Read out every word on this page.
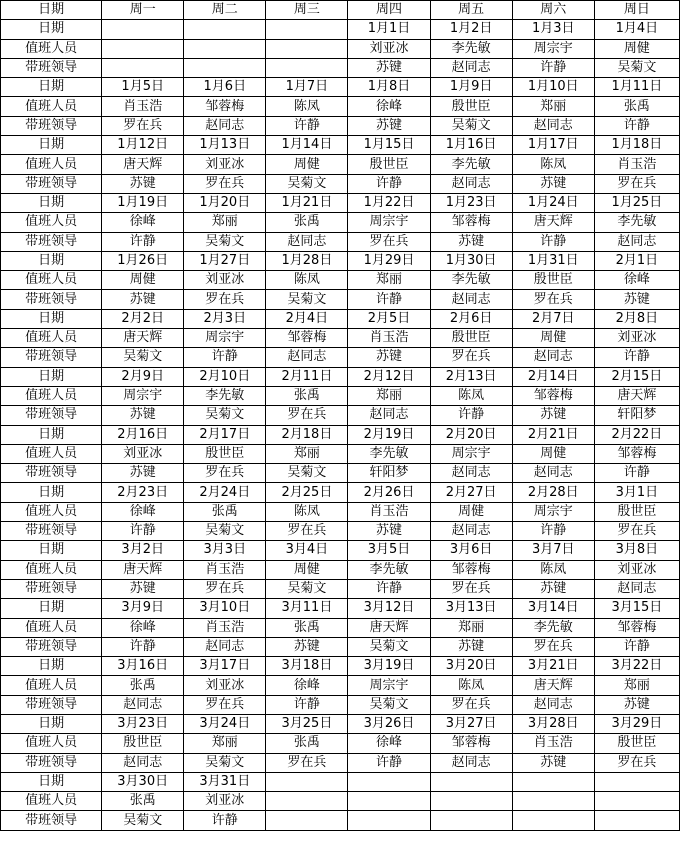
日期	周一	周二	周三	周四	周五	周六	周日
日期				1月1日	1月2日	1月3日	1月4日
值班人员				刘亚冰	李先敏	周宗宇	周健
带班领导				苏键	赵同志	许静	吴菊文
日期	1月5日	1月6日	1月7日	1月8日	1月9日	1月10日	1月11日
值班人员	肖玉浩	邹蓉梅	陈凤	徐峰	殷世臣	郑丽	张禹
带班领导	罗在兵	赵同志	许静	苏键	吴菊文	赵同志	许静
日期	1月12日	1月13日	1月14日	1月15日	1月16日	1月17日	1月18日
值班人员	唐天辉	刘亚冰	周健	殷世臣	李先敏	陈凤	肖玉浩
带班领导	苏键	罗在兵	吴菊文	许静	赵同志	苏键	罗在兵
日期	1月19日	1月20日	1月21日	1月22日	1月23日	1月24日	1月25日
值班人员	徐峰	郑丽	张禹	周宗宇	邹蓉梅	唐天辉	李先敏
带班领导	许静	吴菊文	赵同志	罗在兵	苏键	许静	赵同志
日期	1月26日	1月27日	1月28日	1月29日	1月30日	1月31日	2月1日
值班人员	周健	刘亚冰	陈凤	郑丽	李先敏	殷世臣	徐峰
带班领导	苏键	罗在兵	吴菊文	许静	赵同志	罗在兵	苏键
日期	2月2日	2月3日	2月4日	2月5日	2月6日	2月7日	2月8日
值班人员	唐天辉	周宗宇	邹蓉梅	肖玉浩	殷世臣	周健	刘亚冰
带班领导	吴菊文	许静	赵同志	苏键	罗在兵	赵同志	许静
日期	2月9日	2月10日	2月11日	2月12日	2月13日	2月14日	2月15日
值班人员	周宗宇	李先敏	张禹	郑丽	陈凤	邹蓉梅	唐天辉
带班领导	苏键	吴菊文	罗在兵	赵同志	许静	苏键	轩阳梦
日期	2月16日	2月17日	2月18日	2月19日	2月20日	2月21日	2月22日
值班人员	刘亚冰	殷世臣	郑丽	李先敏	周宗宇	周健	邹蓉梅
带班领导	苏键	罗在兵	吴菊文	轩阳梦	赵同志	赵同志	许静
日期	2月23日	2月24日	2月25日	2月26日	2月27日	2月28日	3月1日
值班人员	徐峰	张禹	陈凤	肖玉浩	周健	周宗宇	殷世臣
带班领导	许静	吴菊文	罗在兵	苏键	赵同志	许静	罗在兵
日期	3月2日	3月3日	3月4日	3月5日	3月6日	3月7日	3月8日
值班人员	唐天辉	肖玉浩	周健	李先敏	邹蓉梅	陈凤	刘亚冰
带班领导	苏键	罗在兵	吴菊文	许静	罗在兵	苏键	赵同志
日期	3月9日	3月10日	3月11日	3月12日	3月13日	3月14日	3月15日
值班人员	徐峰	肖玉浩	张禹	唐天辉	郑丽	李先敏	邹蓉梅
带班领导	许静	赵同志	苏键	吴菊文	苏键	罗在兵	许静
日期	3月16日	3月17日	3月18日	3月19日	3月20日	3月21日	3月22日
值班人员	张禹	刘亚冰	徐峰	周宗宇	陈凤	唐天辉	郑丽
带班领导	赵同志	罗在兵	许静	吴菊文	罗在兵	赵同志	苏键
日期	3月23日	3月24日	3月25日	3月26日	3月27日	3月28日	3月29日
值班人员	殷世臣	郑丽	张禹	徐峰	邹蓉梅	肖玉浩	殷世臣
带班领导	赵同志	吴菊文	罗在兵	许静	赵同志	苏键	罗在兵
日期	3月30日	3月31日					
值班人员	张禹	刘亚冰					
带班领导	吴菊文	许静					
